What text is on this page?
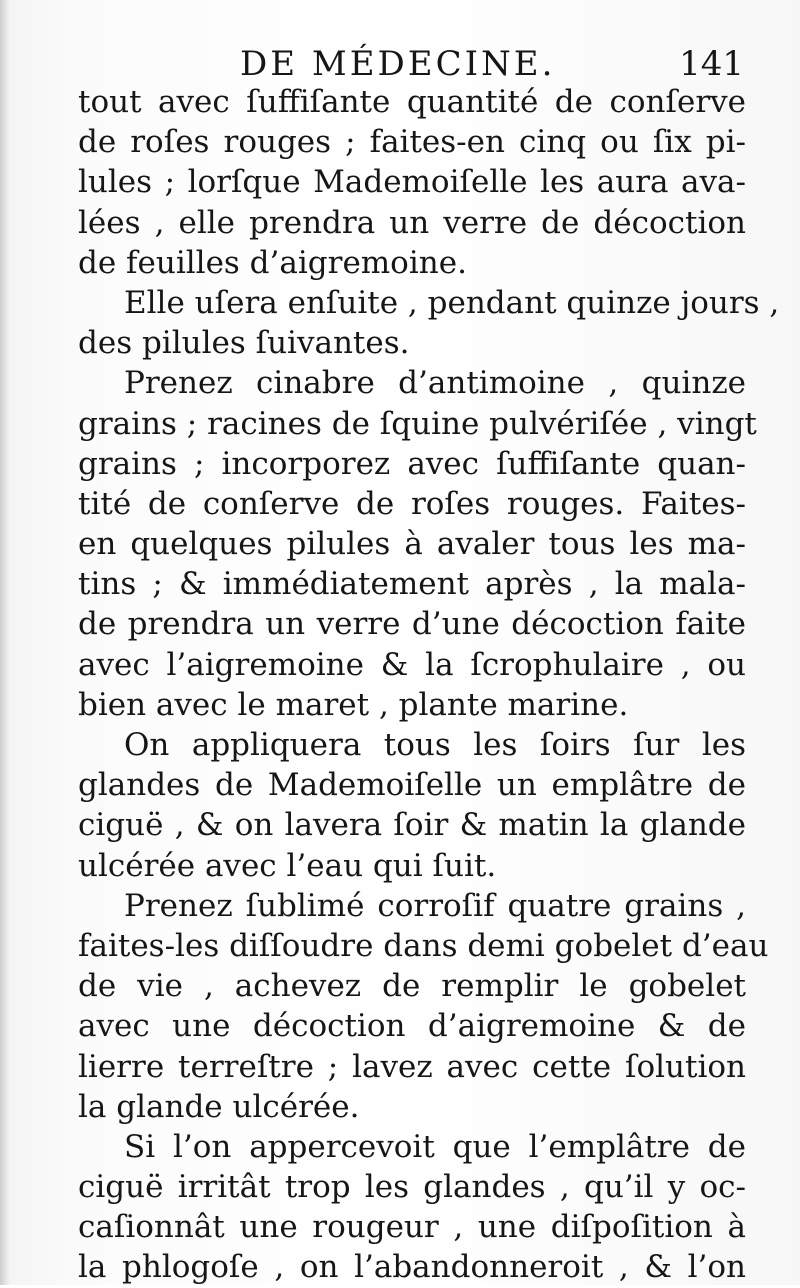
DE MÉDECINE.	141
tout avec ſuffiſante quantité de conſerve
de roſes rouges ; faites-en cinq ou ſix pi-
lules ; lorſque Mademoiſelle les aura ava-
lées , elle prendra un verre de décoction
de feuilles d’aigremoine.
Elle uſera enſuite , pendant quinze jours ,
des pilules ſuivantes.
Prenez cinabre d’antimoine , quinze
grains ; racines de ſquine pulvériſée , vingt
grains ; incorporez avec ſuffiſante quan-
tité de conſerve de roſes rouges. Faites-
en quelques pilules à avaler tous les ma-
tins ; & immédiatement après , la mala-
de prendra un verre d’une décoction faite
avec l’aigremoine & la ſcrophulaire , ou
bien avec le maret , plante marine.
On appliquera tous les ſoirs ſur les
glandes de Mademoiſelle un emplâtre de
ciguë , & on lavera ſoir & matin la glande
ulcérée avec l’eau qui ſuit.
Prenez ſublimé corroſif quatre grains ,
faites-les diſſoudre dans demi gobelet d’eau
de vie , achevez de remplir le gobelet
avec une décoction d’aigremoine & de
lierre terreſtre ; lavez avec cette ſolution
la glande ulcérée.
Si l’on appercevoit que l’emplâtre de
ciguë irritât trop les glandes , qu’il y oc-
caſionnât une rougeur , une diſpoſition à
la phlogoſe , on l’abandonneroit , & l’on
